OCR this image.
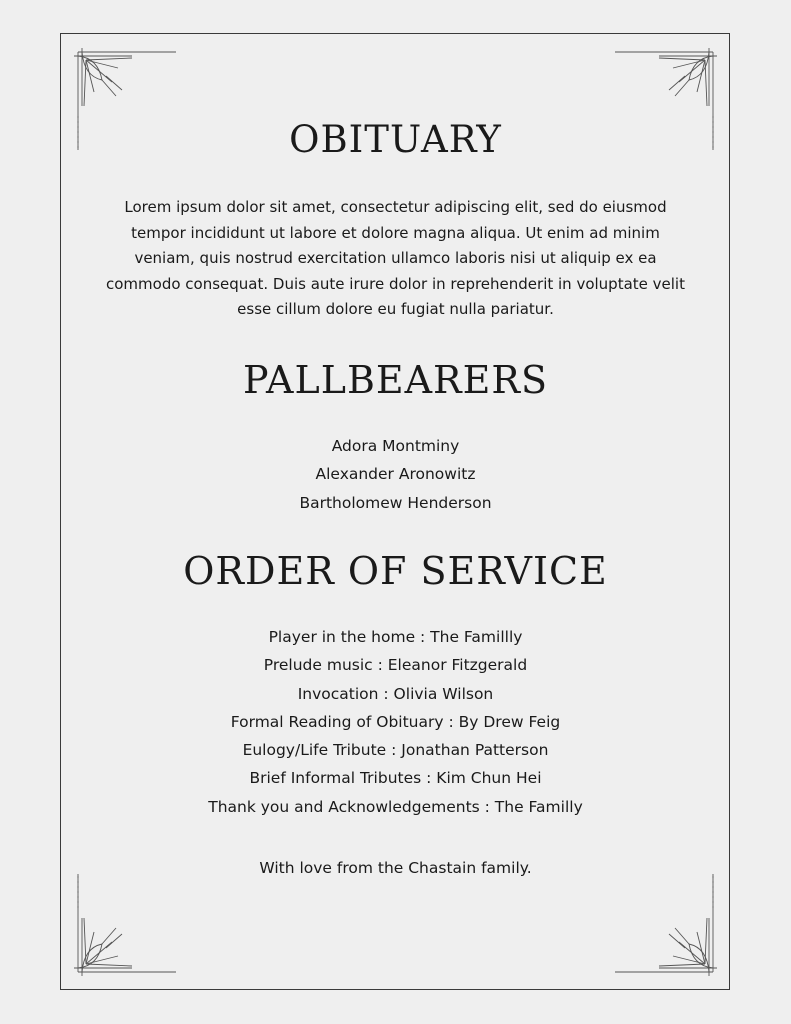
OBITUARY

Lorem ipsum dolor sit amet, consectetur adipiscing elit, sed do eiusmod tempor incididunt ut labore et dolore magna aliqua. Ut enim ad minim veniam, quis nostrud exercitation ullamco laboris nisi ut aliquip ex ea commodo consequat. Duis aute irure dolor in reprehenderit in voluptate velit esse cillum dolore eu fugiat nulla pariatur.

PALLBEARERS
Adora Montminy
Alexander Aronowitz
Bartholomew Henderson
ORDER OF SERVICE
Player in the home : The Famillly
Prelude music : Eleanor Fitzgerald
Invocation : Olivia Wilson
Formal Reading of Obituary : By Drew Feig
Eulogy/Life Tribute : Jonathan Patterson
Brief Informal Tributes : Kim Chun Hei
Thank you and Acknowledgements : The Familly

With love from the Chastain family.
